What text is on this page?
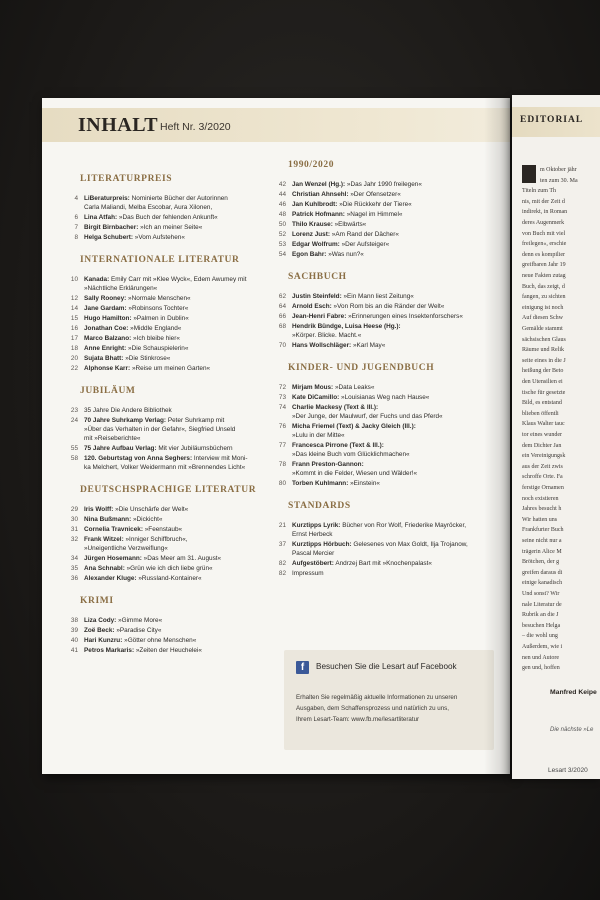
INHALT Heft Nr. 3/2020
LITERATURPREIS
4 LiBeraturpreis: Nominierte Bücher der Autorinnen
Carla Maliandi, Melba Escobar, Aura Xilonen,
6 Lina Atfah: »Das Buch der fehlenden Ankunft«
7 Birgit Birnbacher: »Ich an meiner Seite«
8 Helga Schubert: »Vom Aufstehen«
INTERNATIONALE LITERATUR
10 Kanada: Emily Carr mit »Klee Wyck«, Edem Awumey mit
»Nächtliche Erklärungen«
12 Sally Rooney: »Normale Menschen«
14 Jane Gardam: »Robinsons Tochter«
15 Hugo Hamilton: »Palmen in Dublin«
16 Jonathan Coe: »Middle England«
17 Marco Balzano: »Ich bleibe hier«
18 Anne Enright: »Die Schauspielerin«
20 Sujata Bhatt: »Die Stinkrose«
22 Alphonse Karr: »Reise um meinen Garten«
JUBILÄUM
23 35 Jahre Die Andere Bibliothek
24 70 Jahre Suhrkamp Verlag: Peter Suhrkamp mit
»Über das Verhalten in der Gefahr«, Siegfried Unseld
mit »Reiseberichte«
55 75 Jahre Aufbau Verlag: Mit vier Jubiläumsbüchern
58 120. Geburtstag von Anna Seghers: Interview mit Moni-
ka Melchert, Volker Weidermann mit »Brennendes Licht«
DEUTSCHSPRACHIGE LITERATUR
29 Iris Wolff: »Die Unschärfe der Welt«
30 Nina Bußmann: »Dickicht«
31 Cornelia Travnicek: »Feenstaub«
32 Frank Witzel: »Inniger Schiffbruch«,
»Uneigentliche Verzweiflung«
34 Jürgen Hosemann: »Das Meer am 31. August«
35 Ana Schnabl: »Grün wie ich dich liebe grün«
36 Alexander Kluge: »Russland-Kontainer«
KRIMI
38 Liza Cody: »Gimme More«
39 Zoë Beck: »Paradise City«
40 Hari Kunzru: »Götter ohne Menschen«
41 Petros Markaris: »Zeiten der Heuchelei«
1990/2020
42 Jan Wenzel (Hg.): »Das Jahr 1990 freilegen«
44 Christian Ahnsehl: »Der Ofensetzer«
46 Jan Kuhlbrodt: »Die Rückkehr der Tiere«
48 Patrick Hofmann: »Nagel im Himmel«
50 Thilo Krause: »Elbwärts«
52 Lorenz Just: »Am Rand der Dächer«
53 Edgar Wolfrum: »Der Aufsteiger«
54 Egon Bahr: »Was nun?«
SACHBUCH
62 Justin Steinfeld: »Ein Mann liest Zeitung«
64 Arnold Esch: »Von Rom bis an die Ränder der Welt«
66 Jean-Henri Fabre: »Erinnerungen eines Insektenforschers«
68 Hendrik Bündge, Luisa Heese (Hg.):
»Körper. Blicke. Macht.«
70 Hans Wollschläger: »Karl May«
KINDER- UND JUGENDBUCH
72 Mirjam Mous: »Data Leaks«
73 Kate DiCamillo: »Louisianas Weg nach Hause«
74 Charlie Mackesy (Text & Ill.):
»Der Junge, der Maulwurf, der Fuchs und das Pferd«
76 Micha Friemel (Text) & Jacky Gleich (Ill.):
»Lulu in der Mitte«
77 Francesca Pirrone (Text & Ill.):
»Das kleine Buch vom Glücklichmachen«
78 Frann Preston-Gannon:
»Kommt in die Felder, Wiesen und Wälder!«
80 Torben Kuhlmann: »Einstein«
STANDARDS
21 Kurztipps Lyrik: Bücher von Ror Wolf, Friederike Mayröcker,
Ernst Herbeck
37 Kurztipps Hörbuch: Gelesenes von Max Goldt, Ilja Trojanow,
Pascal Mercier
82 Aufgestöbert: Andrzej Bart mit »Knochenpalast«
82 Impressum
f	Besuchen Sie die Lesart auf Facebook
Erhalten Sie regelmäßig aktuelle Informationen zu unseren
Ausgaben, dem Schaffensprozess und natürlich zu uns,
Ihrem Lesart-Team: www.fb.me/lesartliteratur
EDITORIAL
m Oktober jähr
ten zum 30. Ma
Titeln zum Th
nis, mit der Zeit d
indirekt, in Roman
deres Augenmerk
von Buch mit viel
freilegen«, erschie
denn es kompilier
greifbaren Jahr 19
neue Fakten zutag
Buch, das zeigt, d
fangen, zu sichten
einigung ist noch
Auf diesen Schw
Gemälde stammt
sächsischen Glaus
Räume und Relik
seite eines in die J
heißung der Beto
den Utensilien ei
tische für gesetzte
Bild, es entstand
blieben öffentli
Klaus Walter tauc
tor eines wunder
dem Dichter Jan
ein Vereinigungsk
aus der Zeit zwis
schroffe Orte. Fa
ferstige Ornamen
noch existieren
Jahres besucht h
Wir hatten uns
Frankfurter Buch
seine nicht nur a
trägerin Alice M
Brötchen, der g
greifen daraus di
einige kanadisch
Und sonst? Wir
nale Literatur de
Rubrik an die J
besuchen Helga
– die wohl ung
Außerdem, wie i
nen und Autore
gen und, hoffen
Manfred Keipe
Die nächste »Le
Lesart 3/2020
